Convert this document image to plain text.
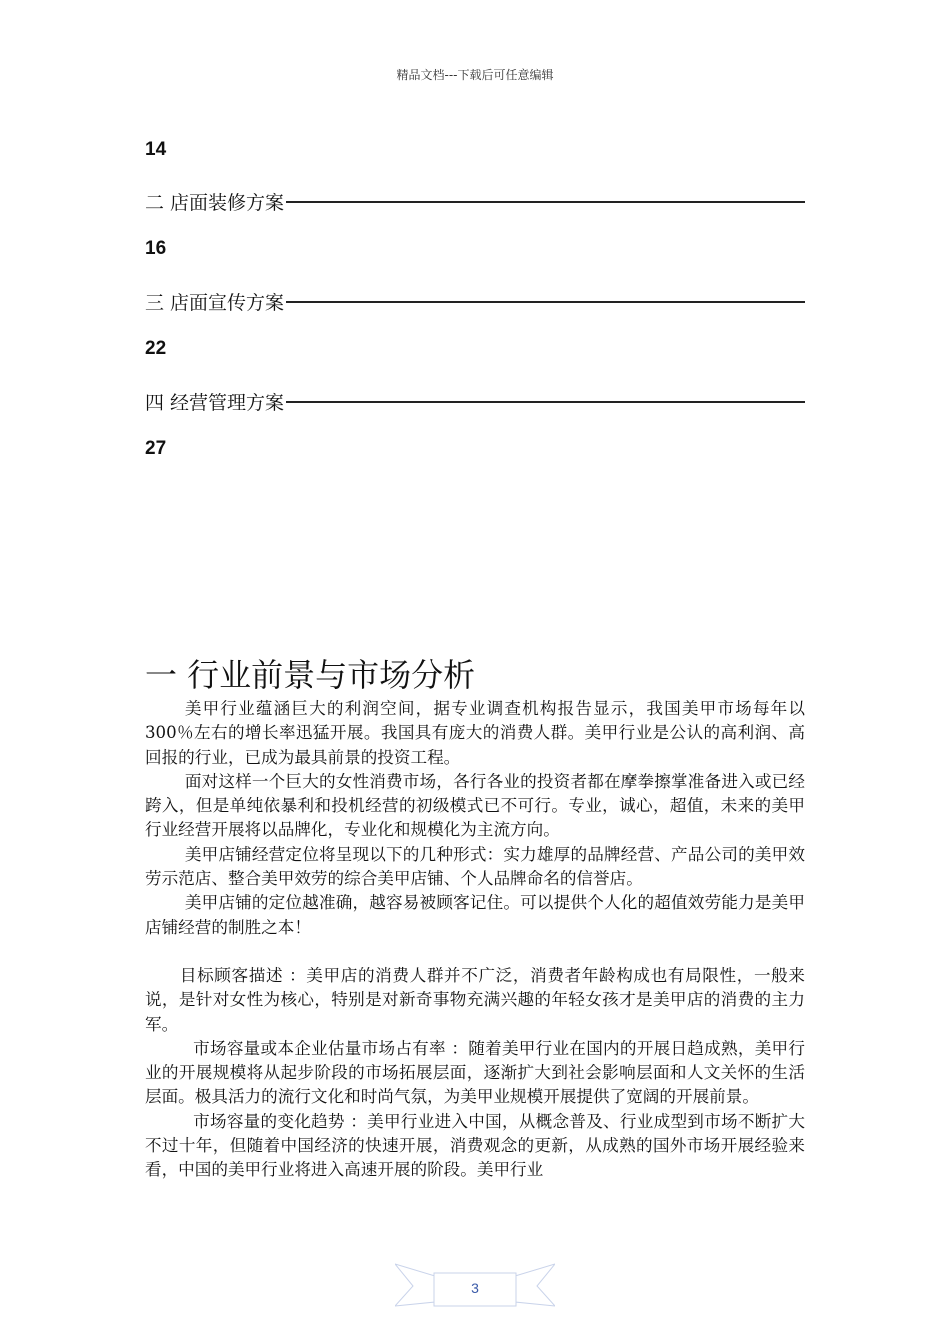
精品文档---下载后可任意编辑
14
二 店面装修方案
16
三 店面宣传方案
22
四 经营管理方案
27
一 行业前景与市场分析

美甲行业蕴涵巨大的利润空间，据专业调查机构报告显示，我国美甲市场每年以 300％左右的增长率迅猛开展。我国具有庞大的消费人群。美甲行业是公认的高利润、高回报的行业，已成为最具前景的投资工程。

面对这样一个巨大的女性消费市场，各行各业的投资者都在摩拳擦掌准备进入或已经跨入，但是单纯依暴利和投机经营的初级模式已不可行。专业，诚心，超值，未来的美甲行业经营开展将以品牌化，专业化和规模化为主流方向。

美甲店铺经营定位将呈现以下的几种形式：实力雄厚的品牌经营、产品公司的美甲效劳示范店、整合美甲效劳的综合美甲店铺、个人品牌命名的信誉店。

美甲店铺的定位越准确，越容易被顾客记住。可以提供个人化的超值效劳能力是美甲店铺经营的制胜之本！

目标顾客描述 ：美甲店的消费人群并不广泛，消费者年龄构成也有局限性，一般来说，是针对女性为核心，特别是对新奇事物充满兴趣的年轻女孩才是美甲店的消费的主力军。

市场容量或本企业估量市场占有率 ：随着美甲行业在国内的开展日趋成熟，美甲行业的开展规模将从起步阶段的市场拓展层面，逐渐扩大到社会影响层面和人文关怀的生活层面。极具活力的流行文化和时尚气氛，为美甲业规模开展提供了宽阔的开展前景。

市场容量的变化趋势 ：美甲行业进入中国，从概念普及、行业成型到市场不断扩大不过十年，但随着中国经济的快速开展，消费观念的更新，从成熟的国外市场开展经验来看，中国的美甲行业将进入高速开展的阶段。美甲行业

3
